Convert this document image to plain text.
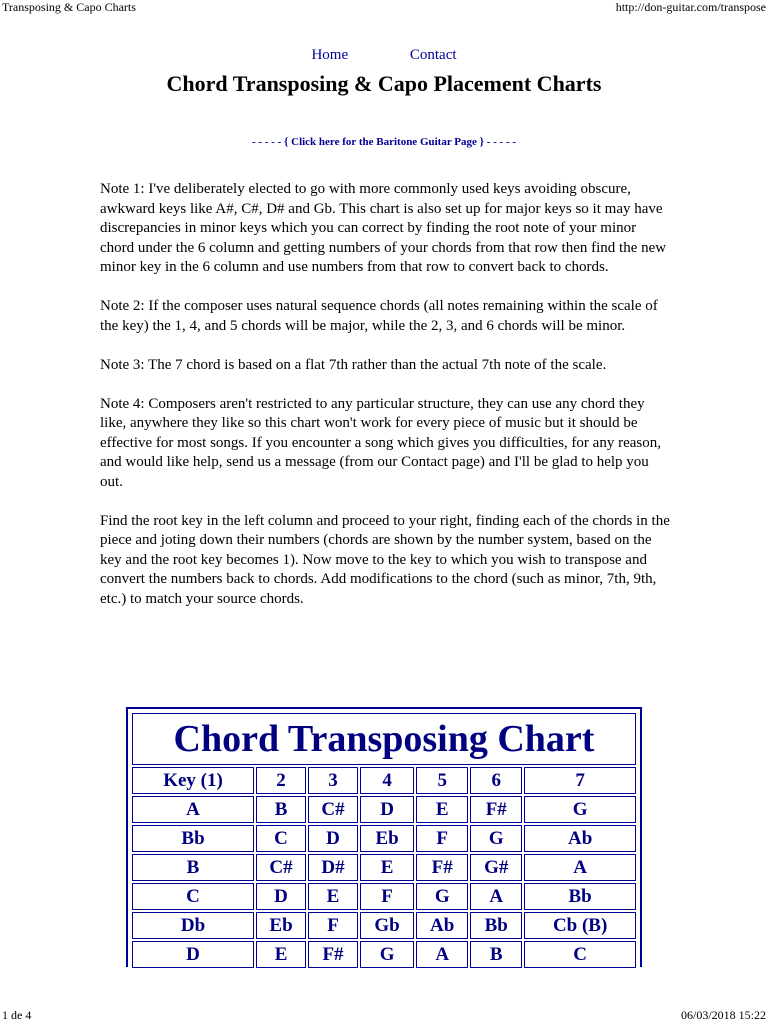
Transposing & Capo Charts	http://don-guitar.com/transpose
Home	Contact
Chord Transposing & Capo Placement Charts
- - - - - { Click here for the Baritone Guitar Page } - - - - -

Note 1: I've deliberately elected to go with more commonly used keys avoiding obscure, awkward keys like A#, C#, D# and Gb. This chart is also set up for major keys so it may have discrepancies in minor keys which you can correct by finding the root note of your minor chord under the 6 column and getting numbers of your chords from that row then find the new minor key in the 6 column and use numbers from that row to convert back to chords.

Note 2: If the composer uses natural sequence chords (all notes remaining within the scale of the key) the 1, 4, and 5 chords will be major, while the 2, 3, and 6 chords will be minor.

Note 3: The 7 chord is based on a flat 7th rather than the actual 7th note of the scale.

Note 4: Composers aren't restricted to any particular structure, they can use any chord they like, anywhere they like so this chart won't work for every piece of music but it should be effective for most songs. If you encounter a song which gives you difficulties, for any reason, and would like help, send us a message (from our Contact page) and I'll be glad to help you out.

Find the root key in the left column and proceed to your right, finding each of the chords in the piece and joting down their numbers (chords are shown by the number system, based on the key and the root key becomes 1). Now move to the key to which you wish to transpose and convert the numbers back to chords. Add modifications to the chord (such as minor, 7th, 9th, etc.) to match your source chords.

Chord Transposing Chart						
Key (1)	2	3	4	5	6	7
A	B	C#	D	E	F#	G
Bb	C	D	Eb	F	G	Ab
B	C#	D#	E	F#	G#	A
C	D	E	F	G	A	Bb
Db	Eb	F	Gb	Ab	Bb	Cb (B)
D	E	F#	G	A	B	C
1 de 4	06/03/2018 15:22
